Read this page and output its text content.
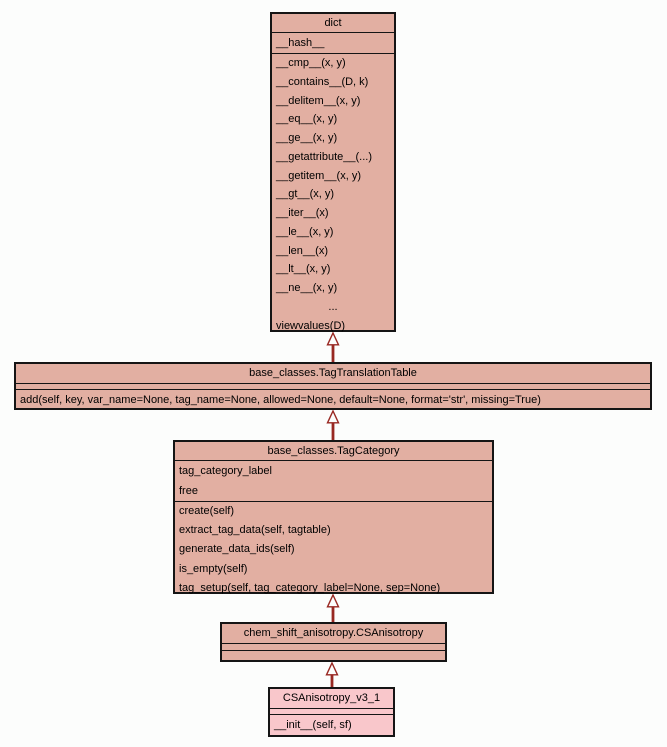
dict
__hash__
__cmp__(x, y)
__contains__(D, k)
__delitem__(x, y)
__eq__(x, y)
__ge__(x, y)
__getattribute__(...)
__getitem__(x, y)
__gt__(x, y)
__iter__(x)
__le__(x, y)
__len__(x)
__lt__(x, y)
__ne__(x, y)
...
viewvalues(D)
base_classes.TagTranslationTable
add(self, key, var_name=None, tag_name=None, allowed=None, default=None, format='str', missing=True)
base_classes.TagCategory
tag_category_label
free
create(self)
extract_tag_data(self, tagtable)
generate_data_ids(self)
is_empty(self)
tag_setup(self, tag_category_label=None, sep=None)
chem_shift_anisotropy.CSAnisotropy
CSAnisotropy_v3_1
__init__(self, sf)
